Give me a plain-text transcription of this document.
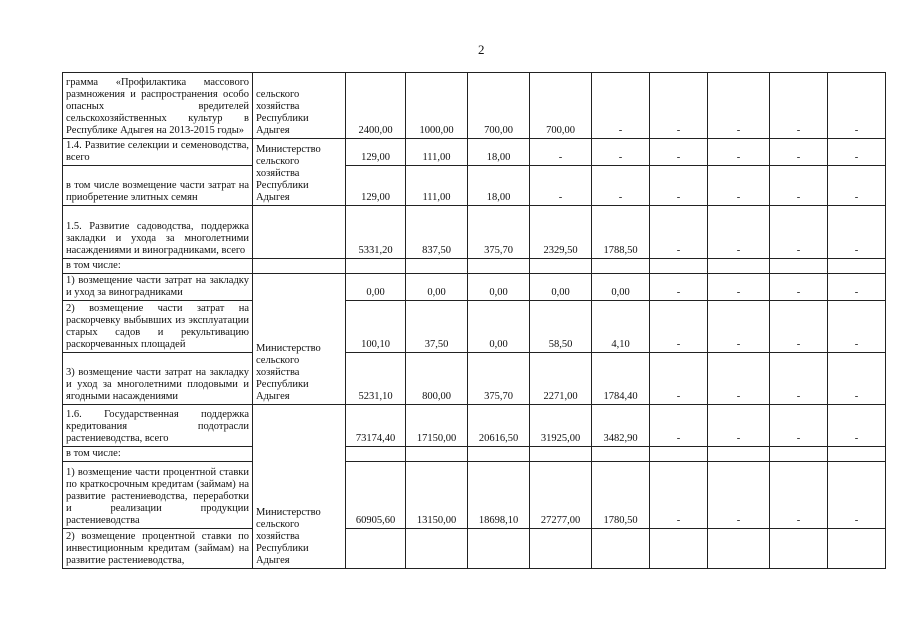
2
грамма «Профилактика массового размножения и распространения особо опасных вредителей сельскохозяйственных культур в Республике Адыгея на 2013-2015 годы»	сельского хозяйства Республики Адыгея	2400,00	1000,00	700,00	700,00	-	-	-	-	-
1.4. Развитие селекции и семеноводства, всего	Министерство сельского хозяйства Республики Адыгея	129,00	111,00	18,00	-	-	-	-	-	-
в том числе возмещение части затрат на приобретение элитных семян		129,00	111,00	18,00	-	-	-	-	-	-
1.5. Развитие садоводства, поддержка закладки и ухода за многолетними насаждениями и виноградниками, всего		5331,20	837,50	375,70	2329,50	1788,50	-	-	-	-
в том числе:										
1) возмещение части затрат на закладку и уход за виноградниками	Министерство сельского хозяйства Республики Адыгея	0,00	0,00	0,00	0,00	0,00	-	-	-	-
2) возмещение части затрат на раскорчевку выбывших из эксплуатации старых садов и рекультивацию раскорчеванных площадей		100,10	37,50	0,00	58,50	4,10	-	-	-	-
3) возмещение части затрат на закладку и уход за многолетними плодовыми и ягодными насаждениями		5231,10	800,00	375,70	2271,00	1784,40	-	-	-	-
1.6. Государственная поддержка кредитования подотрасли растениеводства, всего	Министерство сельского хозяйства Республики Адыгея	73174,40	17150,00	20616,50	31925,00	3482,90	-	-	-	-
в том числе:										
1) возмещение части процентной ставки по краткосрочным кредитам (займам) на развитие растениеводства, переработки и реализации продукции растениеводства		60905,60	13150,00	18698,10	27277,00	1780,50	-	-	-	-
2) возмещение процентной ставки по инвестиционным кредитам (займам) на развитие растениеводства,										
